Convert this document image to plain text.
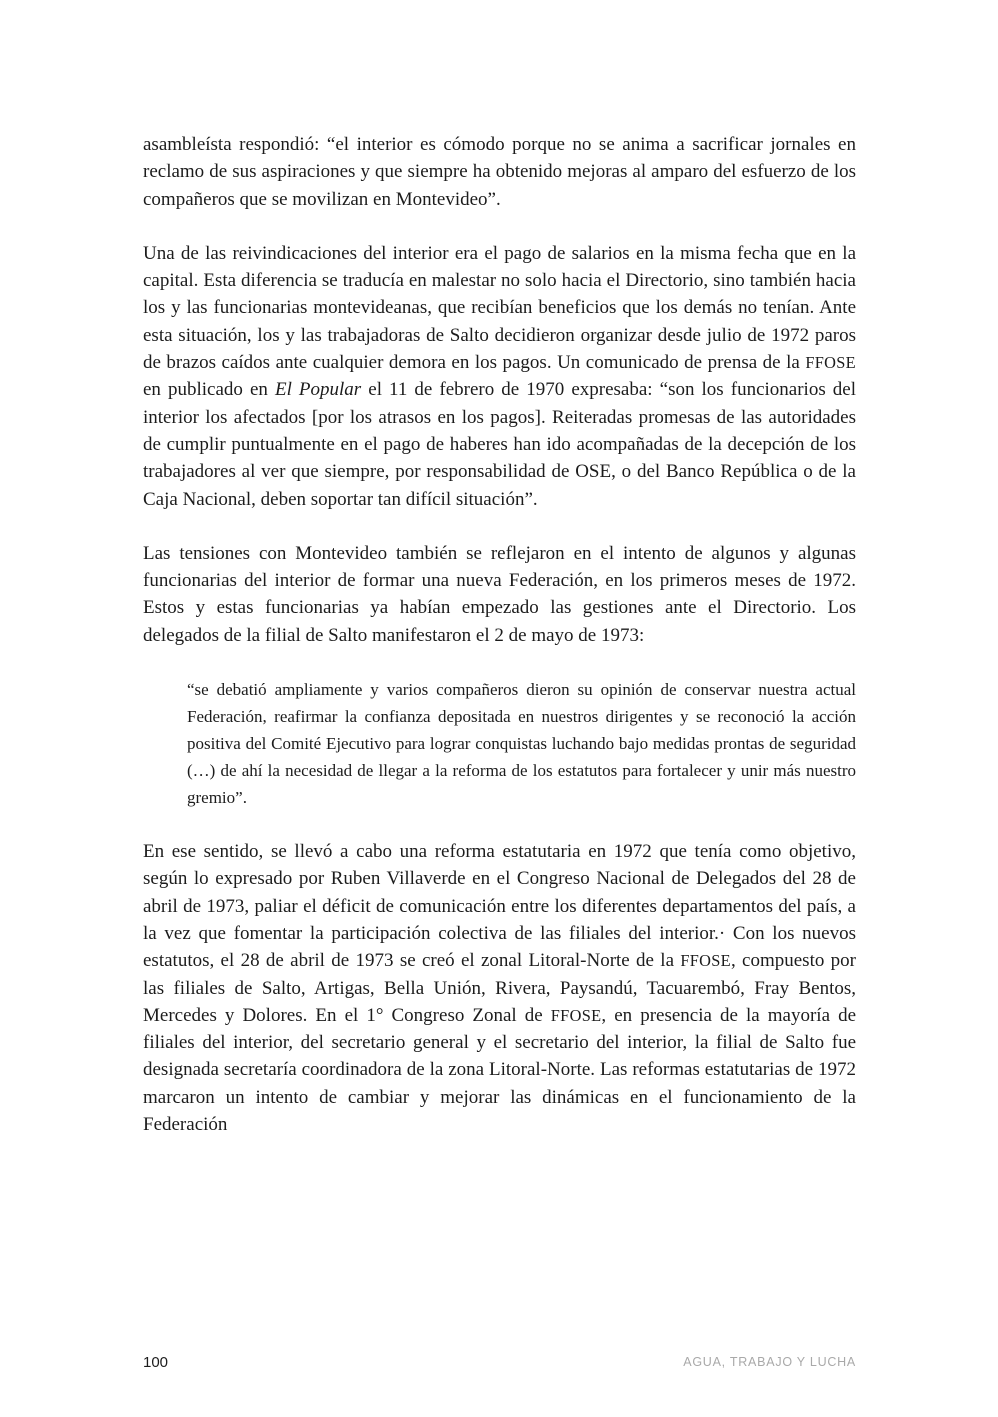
asambleísta respondió: “el interior es cómodo porque no se anima a sacrificar jornales en reclamo de sus aspiraciones y que siempre ha obtenido mejoras al amparo del esfuerzo de los compañeros que se movilizan en Montevideo”.

Una de las reivindicaciones del interior era el pago de salarios en la misma fecha que en la capital. Esta diferencia se traducía en malestar no solo hacia el Directorio, sino también hacia los y las funcionarias montevideanas, que recibían beneficios que los demás no tenían. Ante esta situación, los y las trabajadoras de Salto decidieron organizar desde julio de 1972 paros de brazos caídos ante cualquier demora en los pagos. Un comunicado de prensa de la FFOSE en publicado en El Popular el 11 de febrero de 1970 expresaba: “son los funcionarios del interior los afectados [por los atrasos en los pagos]. Reiteradas promesas de las autoridades de cumplir puntualmente en el pago de haberes han ido acompañadas de la decepción de los trabajadores al ver que siempre, por responsabilidad de OSE, o del Banco República o de la Caja Nacional, deben soportar tan difícil situación”.

Las tensiones con Montevideo también se reflejaron en el intento de algunos y algunas funcionarias del interior de formar una nueva Federación, en los primeros meses de 1972. Estos y estas funcionarias ya habían empezado las gestiones ante el Directorio. Los delegados de la filial de Salto manifestaron el 2 de mayo de 1973:

“se debatió ampliamente y varios compañeros dieron su opinión de conservar nuestra actual Federación, reafirmar la confianza depositada en nuestros dirigentes y se reconoció la acción positiva del Comité Ejecutivo para lograr conquistas luchando bajo medidas prontas de seguridad (…) de ahí la necesidad de llegar a la reforma de los estatutos para fortalecer y unir más nuestro gremio”.

En ese sentido, se llevó a cabo una reforma estatutaria en 1972 que tenía como objetivo, según lo expresado por Ruben Villaverde en el Congreso Nacional de Delegados del 28 de abril de 1973, paliar el déficit de comunicación entre los diferentes departamentos del país, a la vez que fomentar la participación colectiva de las filiales del interior.· Con los nuevos estatutos, el 28 de abril de 1973 se creó el zonal Litoral-Norte de la FFOSE, compuesto por las filiales de Salto, Artigas, Bella Unión, Rivera, Paysandú, Tacuarembó, Fray Bentos, Mercedes y Dolores. En el 1° Congreso Zonal de FFOSE, en presencia de la mayoría de filiales del interior, del secretario general y el secretario del interior, la filial de Salto fue designada secretaría coordinadora de la zona Litoral-Norte. Las reformas estatutarias de 1972 marcaron un intento de cambiar y mejorar las dinámicas en el funcionamiento de la Federación

100	AGUA, TRABAJO Y LUCHA
